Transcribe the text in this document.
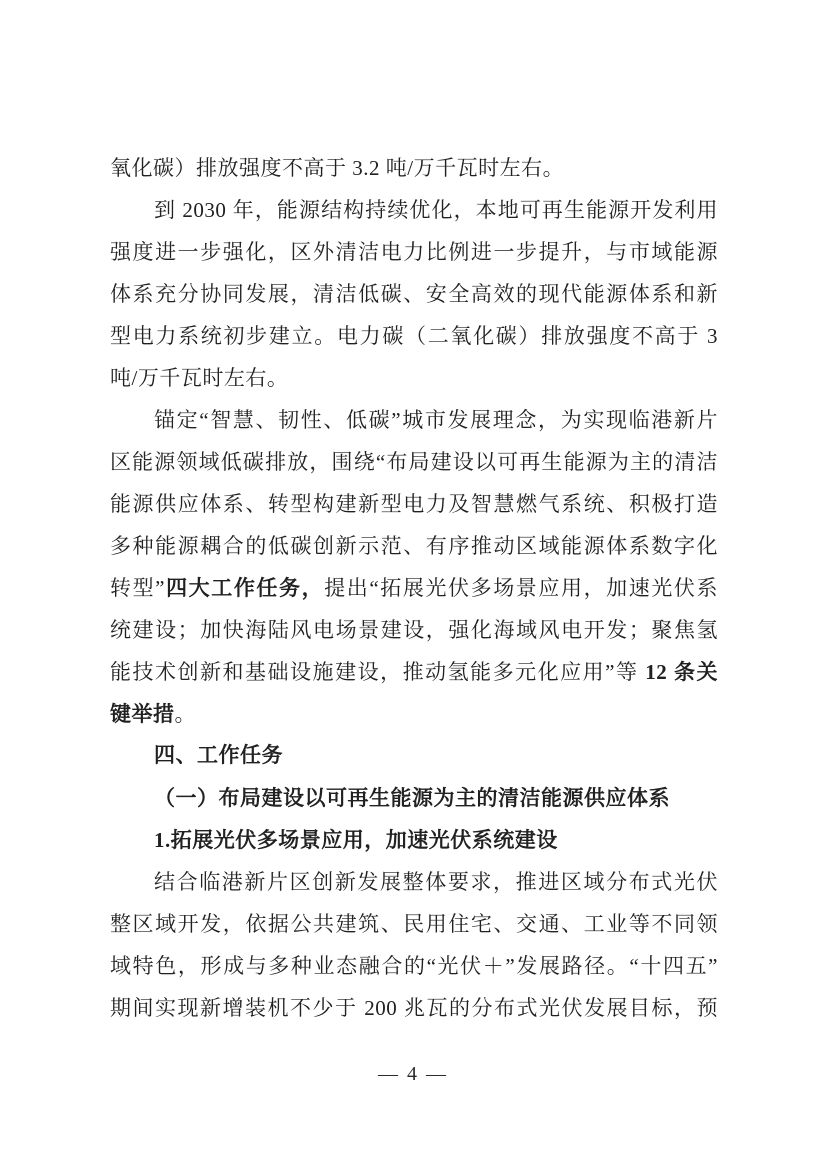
氧化碳）排放强度不高于 3.2 吨/万千瓦时左右。
到 2030 年，能源结构持续优化，本地可再生能源开发利用
强度进一步强化，区外清洁电力比例进一步提升，与市域能源
体系充分协同发展，清洁低碳、安全高效的现代能源体系和新
型电力系统初步建立。电力碳（二氧化碳）排放强度不高于 3
吨/万千瓦时左右。
锚定“智慧、韧性、低碳”城市发展理念，为实现临港新片
区能源领域低碳排放，围绕“布局建设以可再生能源为主的清洁
能源供应体系、转型构建新型电力及智慧燃气系统、积极打造
多种能源耦合的低碳创新示范、有序推动区域能源体系数字化
转型”四大工作任务，提出“拓展光伏多场景应用，加速光伏系
统建设；加快海陆风电场景建设，强化海域风电开发；聚焦氢
能技术创新和基础设施建设，推动氢能多元化应用”等 12 条关
键举措。
四、工作任务
（一）布局建设以可再生能源为主的清洁能源供应体系
1.拓展光伏多场景应用，加速光伏系统建设
结合临港新片区创新发展整体要求，推进区域分布式光伏
整区域开发，依据公共建筑、民用住宅、交通、工业等不同领
域特色，形成与多种业态融合的“光伏＋”发展路径。“十四五”
期间实现新增装机不少于 200 兆瓦的分布式光伏发展目标，预
— 4 —
